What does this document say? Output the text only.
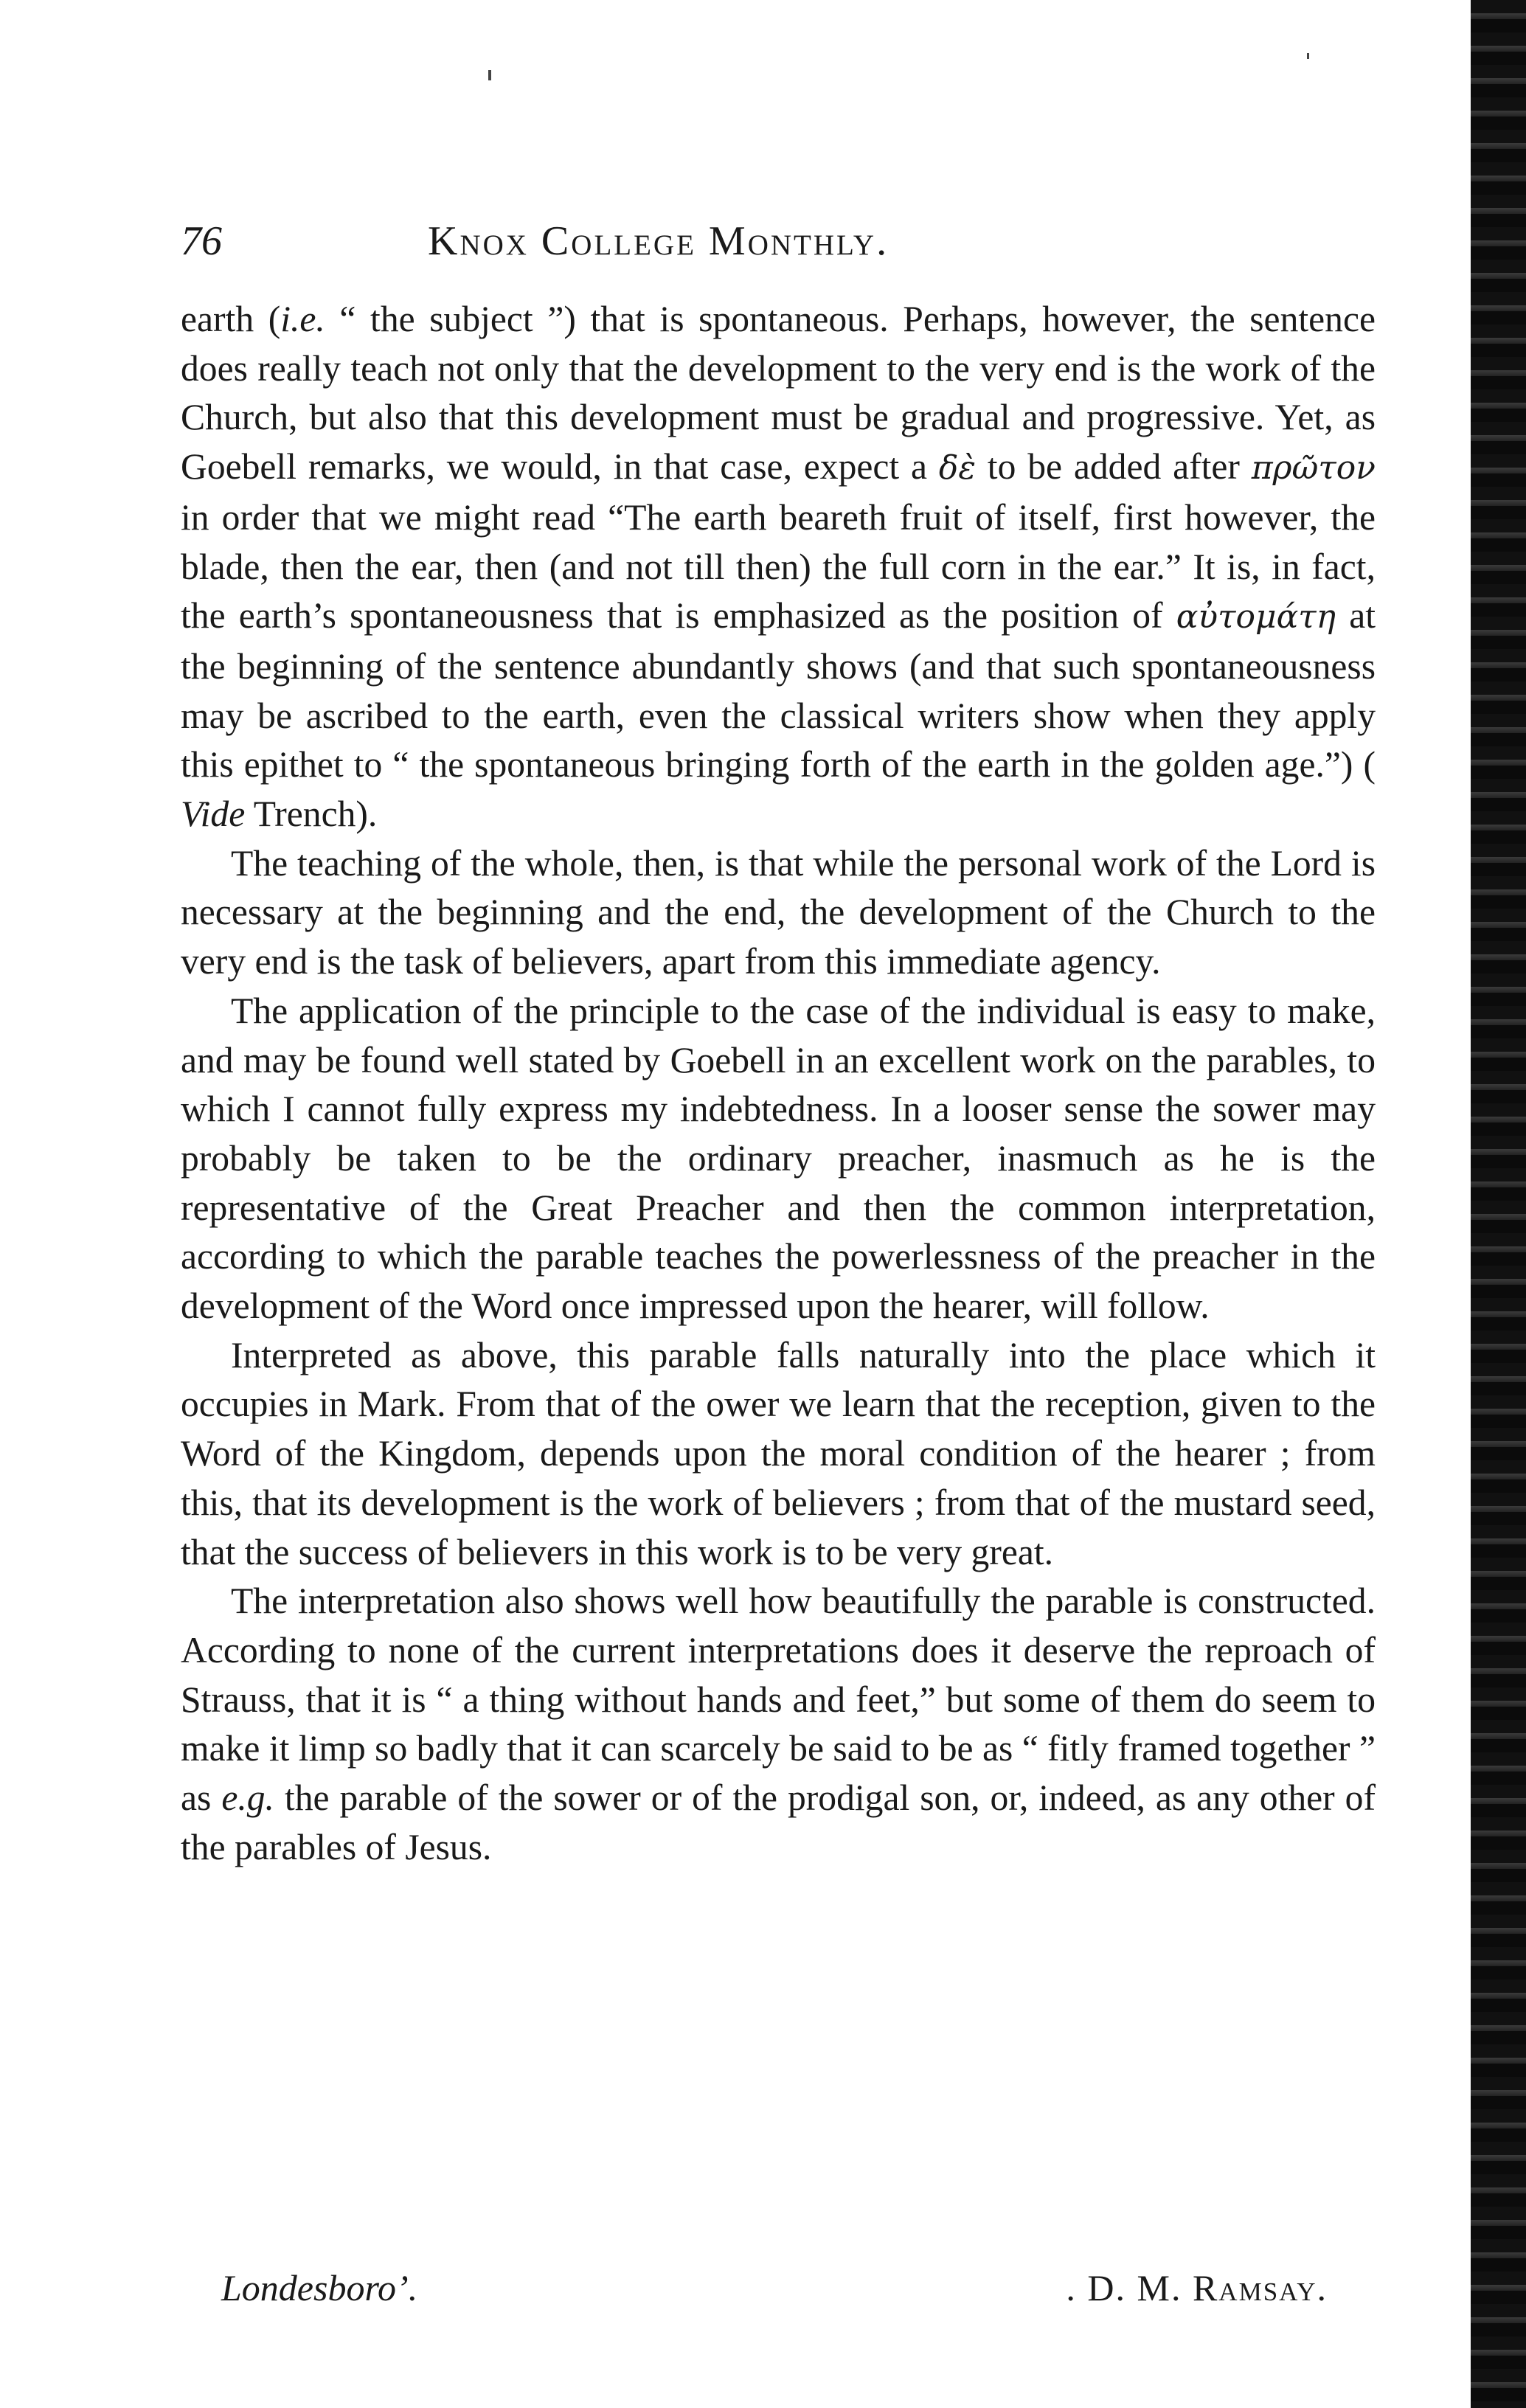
76	Knox College Monthly.

earth (i.e. “ the subject ”) that is spontaneous. Perhaps, however, the sentence does really teach not only that the development to the very end is the work of the Church, but also that this development must be gradual and progressive. Yet, as Goebell remarks, we would, in that case, expect a δὲ to be added after πρῶτον in order that we might read “The earth beareth fruit of itself, first however, the blade, then the ear, then (and not till then) the full corn in the ear.” It is, in fact, the earth’s spontaneousness that is emphasized as the position of αὐτομάτη at the beginning of the sentence abundantly shows (and that such spontaneousness may be ascribed to the earth, even the classical writers show when they apply this epithet to “ the spontaneous bringing forth of the earth in the golden age.”) ( Vide Trench).

The teaching of the whole, then, is that while the personal work of the Lord is necessary at the beginning and the end, the development of the Church to the very end is the task of believers, apart from this immediate agency.

The application of the principle to the case of the individual is easy to make, and may be found well stated by Goebell in an excellent work on the parables, to which I cannot fully express my indebtedness. In a looser sense the sower may probably be taken to be the ordinary preacher, inasmuch as he is the representative of the Great Preacher and then the common interpretation, according to which the parable teaches the powerlessness of the preacher in the development of the Word once impressed upon the hearer, will follow.

Interpreted as above, this parable falls naturally into the place which it occupies in Mark. From that of the ower we learn that the reception, given to the Word of the Kingdom, depends upon the moral condition of the hearer ; from this, that its development is the work of believers ; from that of the mustard seed, that the success of believers in this work is to be very great.

The interpretation also shows well how beautifully the parable is constructed. According to none of the current interpretations does it deserve the reproach of Strauss, that it is “ a thing without hands and feet,” but some of them do seem to make it limp so badly that it can scarcely be said to be as “ fitly framed together ” as e.g. the parable of the sower or of the prodigal son, or, indeed, as any other of the parables of Jesus.

Londesboro’.	. D. M. Ramsay.
